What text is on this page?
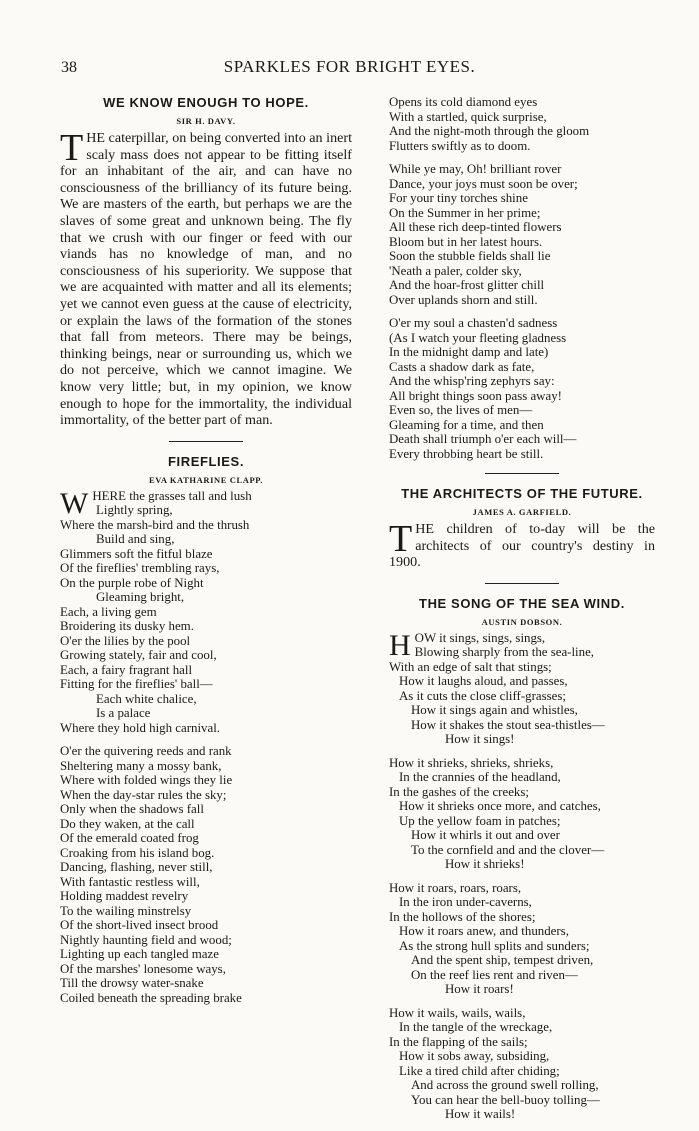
38	SPARKLES FOR BRIGHT EYES.
WE KNOW ENOUGH TO HOPE.
SIR H. DAVY.

THE caterpillar, on being converted into an inert scaly mass does not appear to be fitting itself for an inhabitant of the air, and can have no consciousness of the brilliancy of its future being. We are masters of the earth, but perhaps we are the slaves of some great and unknown being. The fly that we crush with our finger or feed with our viands has no knowledge of man, and no consciousness of his superiority. We suppose that we are acquainted with matter and all its elements; yet we cannot even guess at the cause of electricity, or explain the laws of the formation of the stones that fall from meteors. There may be beings, thinking beings, near or surrounding us, which we do not perceive, which we cannot imagine. We know very little; but, in my opinion, we know enough to hope for the immortality, the individual immortality, of the better part of man.

FIREFLIES.
EVA KATHARINE CLAPP.

WHERE the grasses tall and lush

Lightly spring,

Where the marsh-bird and the thrush

Build and sing,

Glimmers soft the fitful blaze

Of the fireflies' trembling rays,

On the purple robe of Night

Gleaming bright,

Each, a living gem

Broidering its dusky hem.

O'er the lilies by the pool

Growing stately, fair and cool,

Each, a fairy fragrant hall

Fitting for the fireflies' ball—

Each white chalice,

Is a palace

Where they hold high carnival.

O'er the quivering reeds and rank

Sheltering many a mossy bank,

Where with folded wings they lie

When the day-star rules the sky;

Only when the shadows fall

Do they waken, at the call

Of the emerald coated frog

Croaking from his island bog.

Dancing, flashing, never still,

With fantastic restless will,

Holding maddest revelry

To the wailing minstrelsy

Of the short-lived insect brood

Nightly haunting field and wood;

Lighting up each tangled maze

Of the marshes' lonesome ways,

Till the drowsy water-snake

Coiled beneath the spreading brake

Opens its cold diamond eyes

With a startled, quick surprise,

And the night-moth through the gloom

Flutters swiftly as to doom.

While ye may, Oh! brilliant rover

Dance, your joys must soon be over;

For your tiny torches shine

On the Summer in her prime;

All these rich deep-tinted flowers

Bloom but in her latest hours.

Soon the stubble fields shall lie

'Neath a paler, colder sky,

And the hoar-frost glitter chill

Over uplands shorn and still.

O'er my soul a chasten'd sadness

(As I watch your fleeting gladness

In the midnight damp and late)

Casts a shadow dark as fate,

And the whisp'ring zephyrs say:

All bright things soon pass away!

Even so, the lives of men—

Gleaming for a time, and then

Death shall triumph o'er each will—

Every throbbing heart be still.

THE ARCHITECTS OF THE FUTURE.
JAMES A. GARFIELD.

THE children of to-day will be the architects of our country's destiny in 1900.

THE SONG OF THE SEA WIND.
AUSTIN DOBSON.

HOW it sings, sings, sings,

Blowing sharply from the sea-line,

With an edge of salt that stings;

How it laughs aloud, and passes,

As it cuts the close cliff-grasses;

How it sings again and whistles,

How it shakes the stout sea-thistles—

How it sings!

How it shrieks, shrieks, shrieks,

In the crannies of the headland,

In the gashes of the creeks;

How it shrieks once more, and catches,

Up the yellow foam in patches;

How it whirls it out and over

To the cornfield and and the clover—

How it shrieks!

How it roars, roars, roars,

In the iron under-caverns,

In the hollows of the shores;

How it roars anew, and thunders,

As the strong hull splits and sunders;

And the spent ship, tempest driven,

On the reef lies rent and riven—

How it roars!

How it wails, wails, wails,

In the tangle of the wreckage,

In the flapping of the sails;

How it sobs away, subsiding,

Like a tired child after chiding;

And across the ground swell rolling,

You can hear the bell-buoy tolling—

How it wails!
